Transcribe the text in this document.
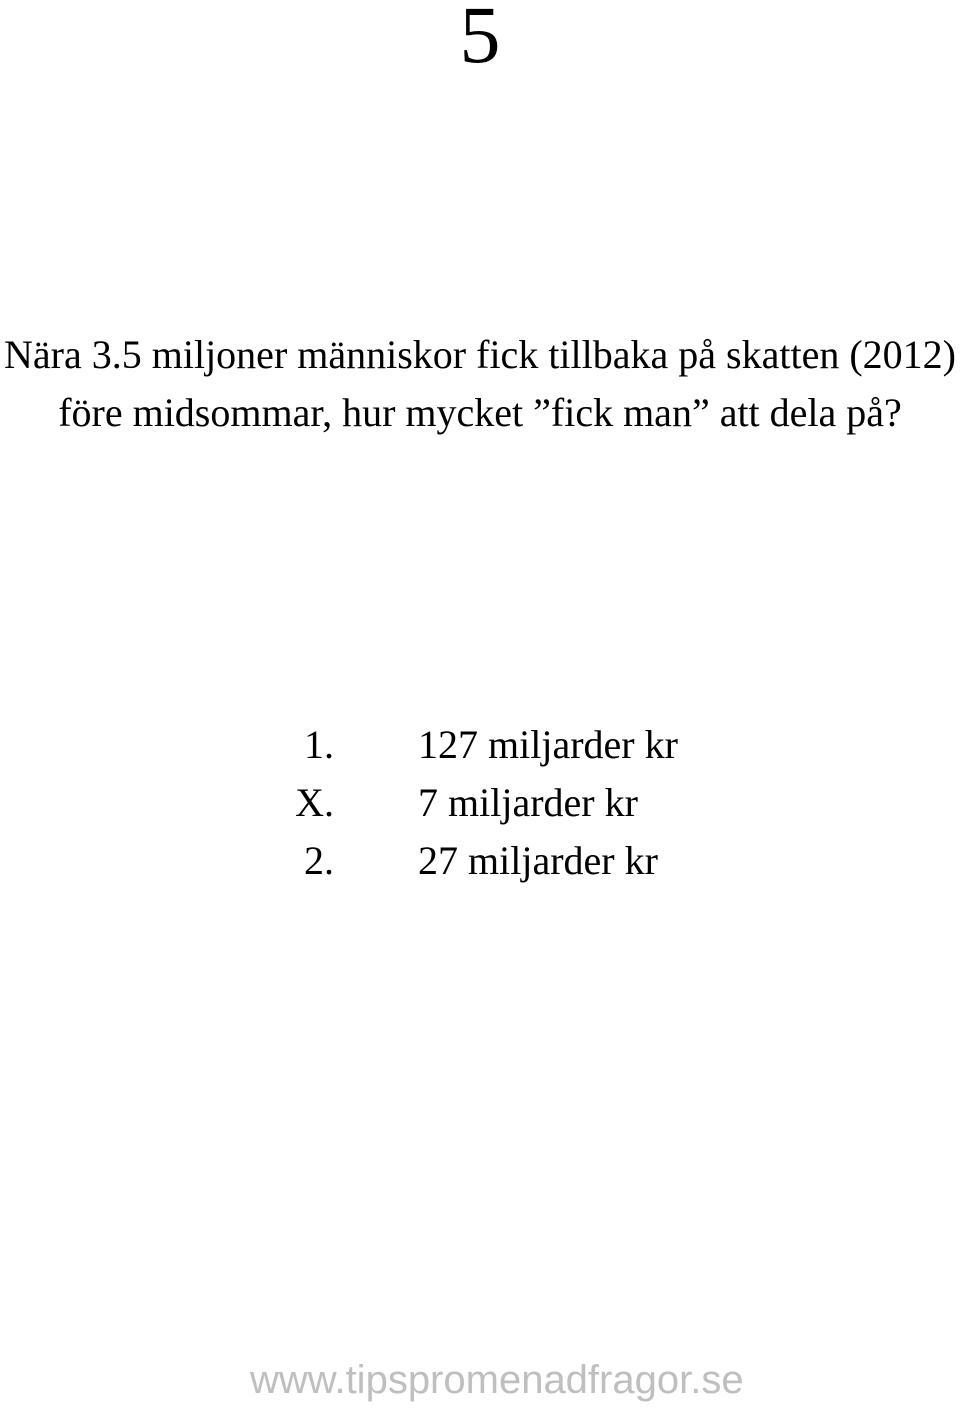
5
Nära 3.5 miljoner människor fick tillbaka på skatten (2012)
före midsommar, hur mycket ”fick man” att dela på?
1. 127 miljarder kr
X. 7 miljarder kr
2. 27 miljarder kr
www.tipspromenadfragor.se
